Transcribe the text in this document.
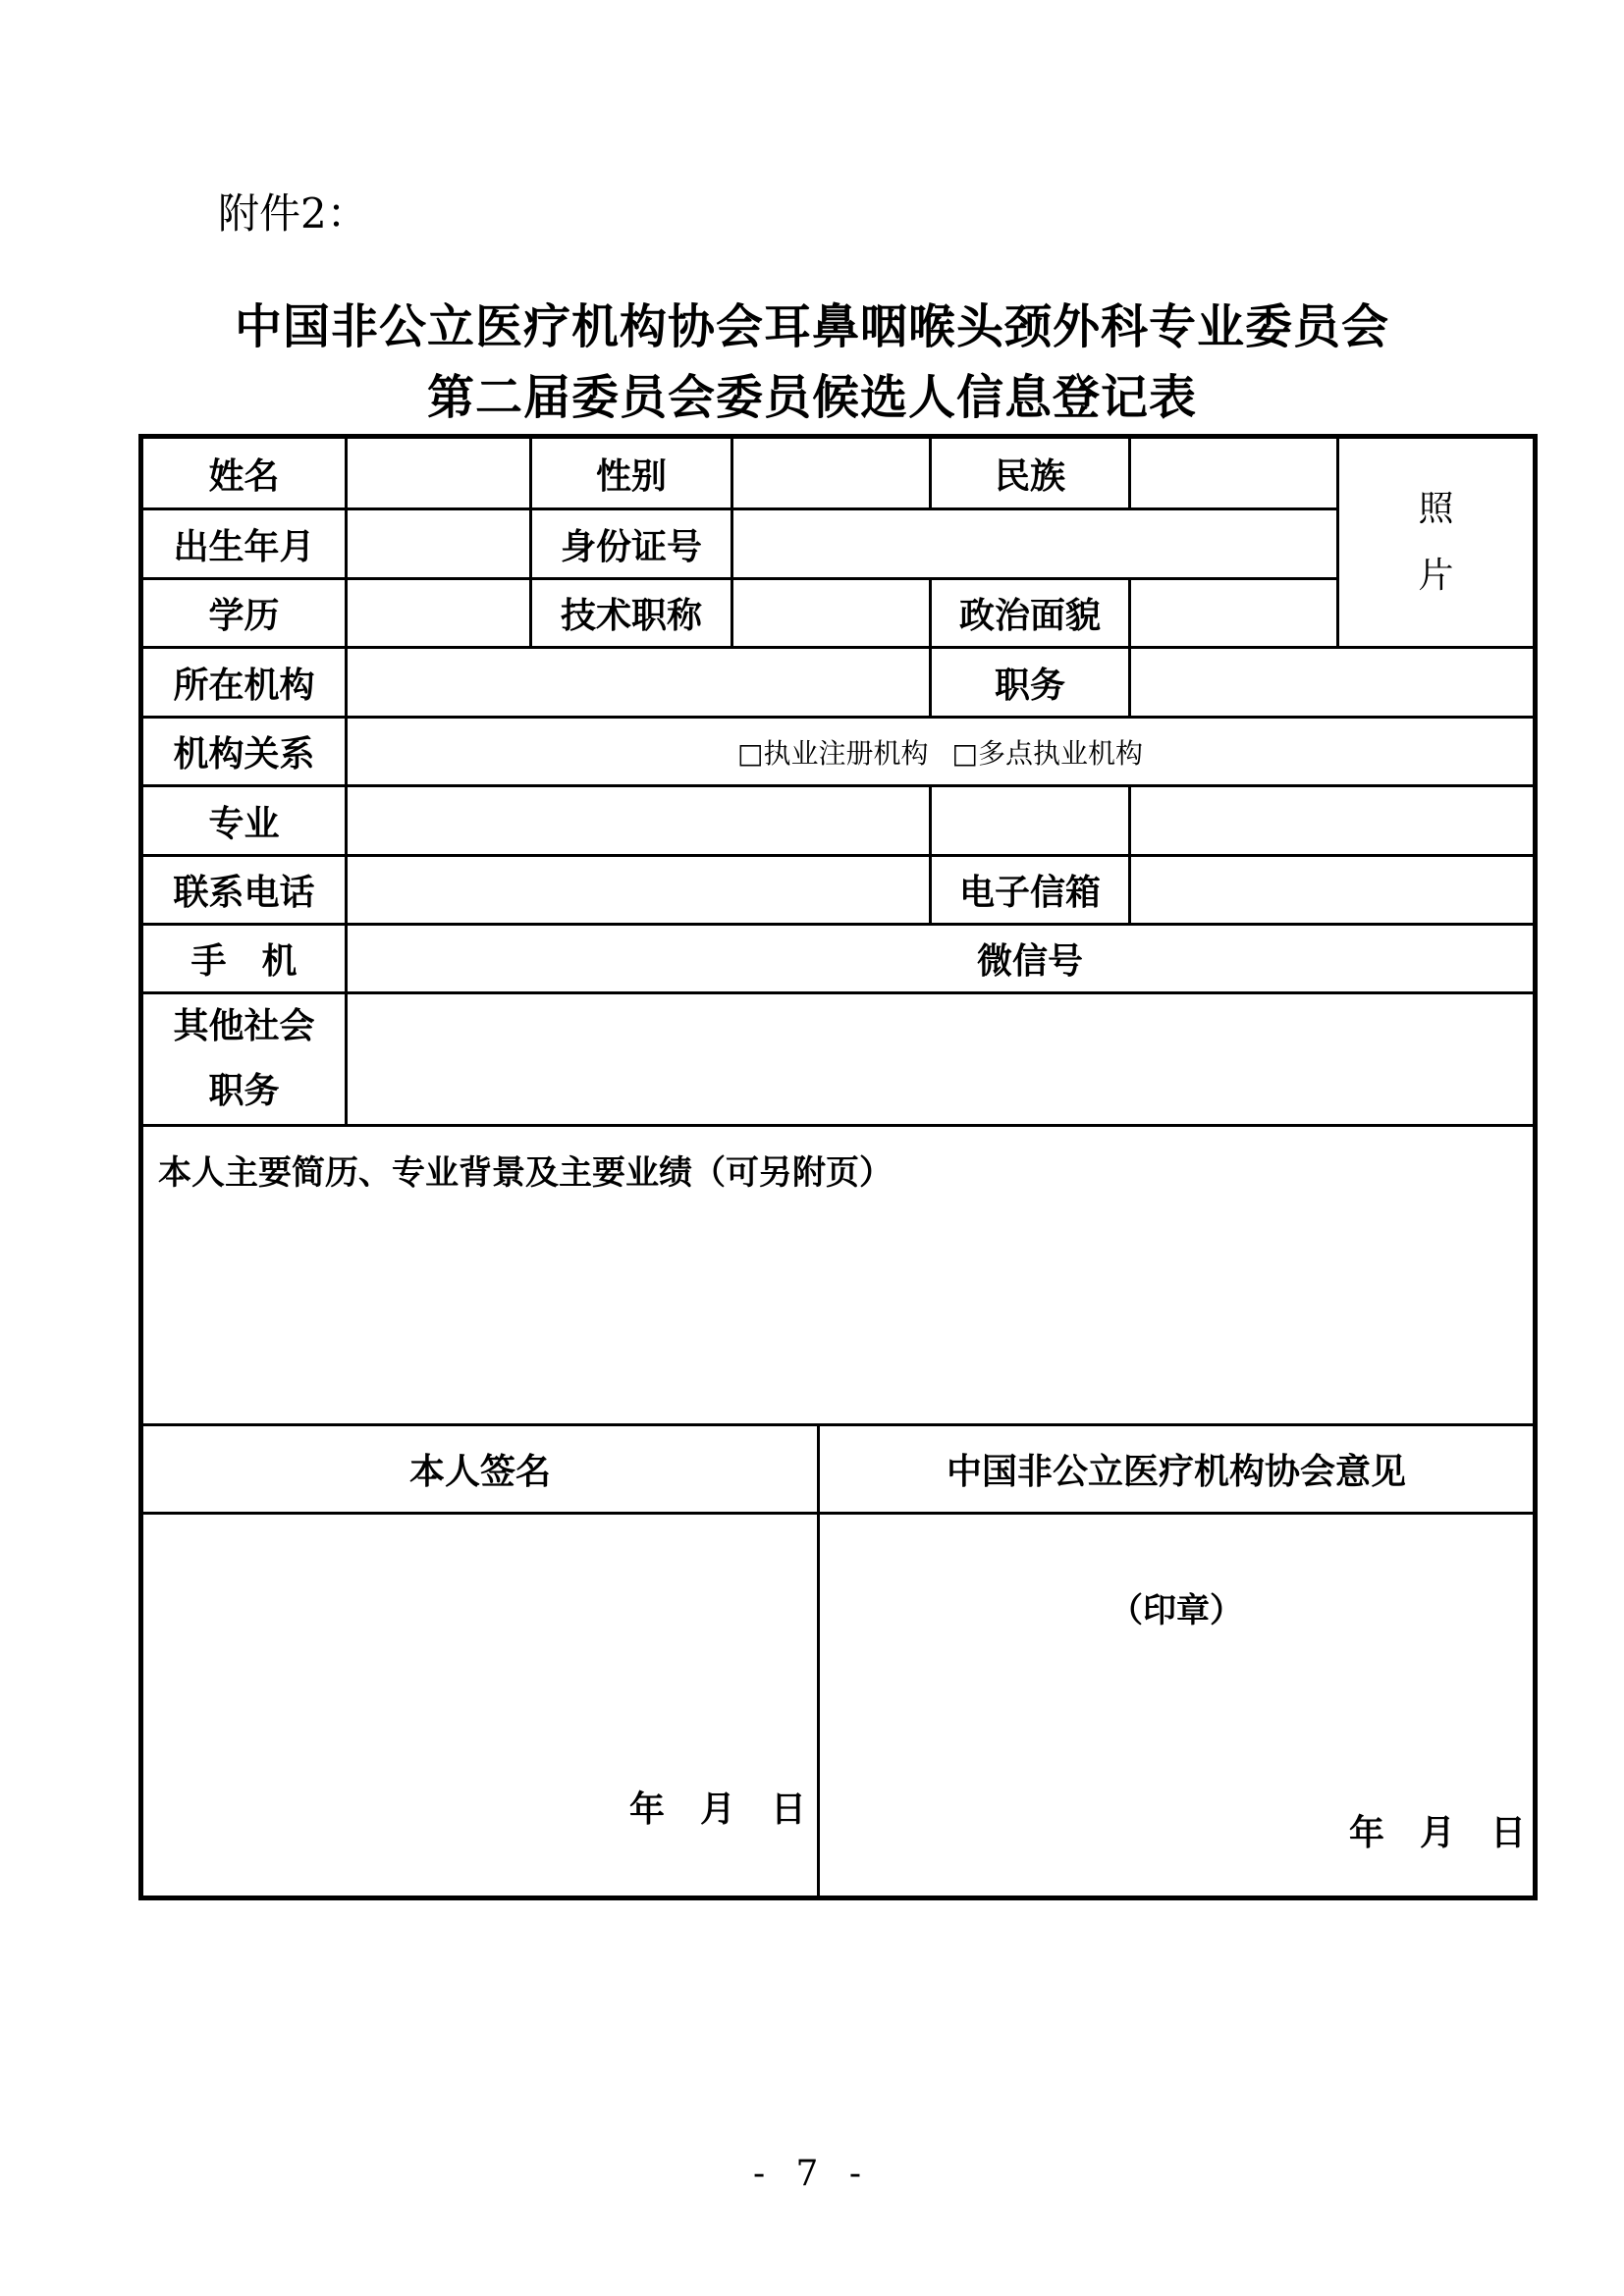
附件2：
中国非公立医疗机构协会耳鼻咽喉头颈外科专业委员会
第二届委员会委员候选人信息登记表
姓名	性别	民族
照
片
出生年月	身份证号
学历	技术职称	政治面貌
所在机构	职务
机构关系	□执业注册机构 □多点执业机构
专业
联系电话	电子信箱
手　机	微信号
其他社会
职务
本人主要简历、专业背景及主要业绩（可另附页）
本人签名	中国非公立医疗机构协会意见
（印章）
年　月　日
年　月　日
- 7 -
